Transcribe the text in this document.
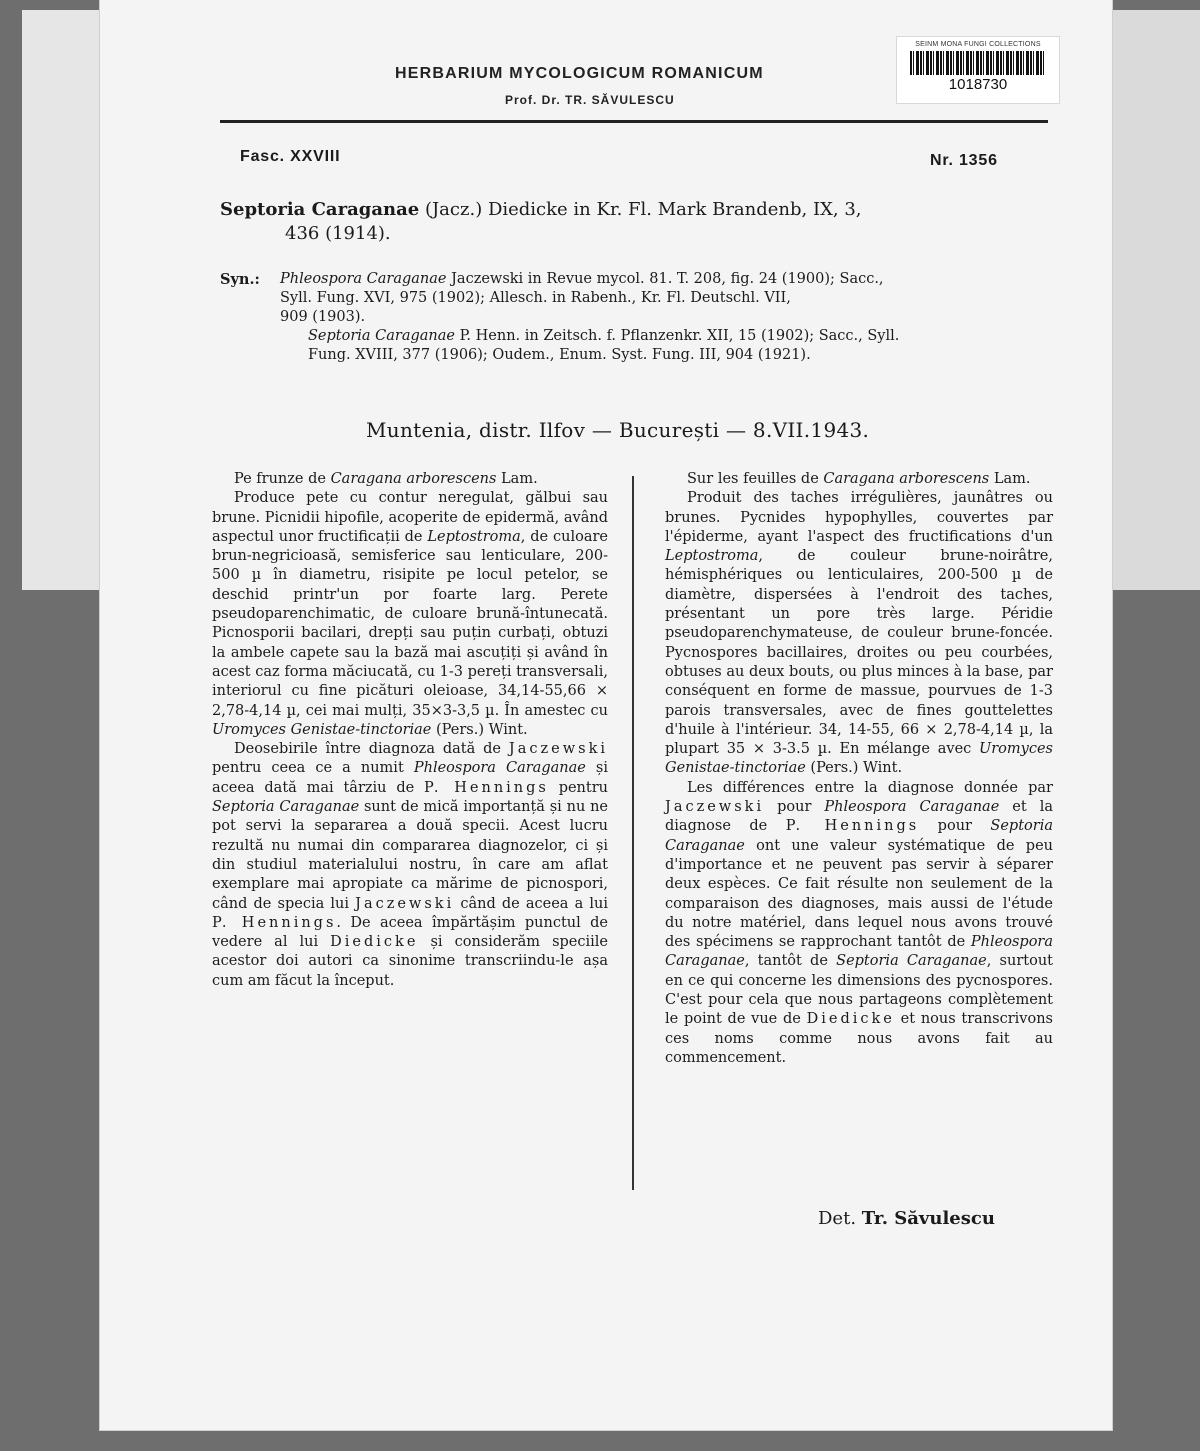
SEINM MONA FUNGI COLLECTIONS
1018730
HERBARIUM MYCOLOGICUM ROMANICUM
Prof. Dr. TR. SĂVULESCU
Fasc. XXVIII	Nr. 1356
Septoria Caraganae (Jacz.) Diedicke in Kr. Fl. Mark Brandenb, IX, 3,
436 (1914).
Syn.: Phleospora Caraganae Jaczewski in Revue mycol. 81. T. 208, fig. 24 (1900); Sacc.,
Syll. Fung. XVI, 975 (1902); Allesch. in Rabenh., Kr. Fl. Deutschl. VII,
909 (1903).
Septoria Caraganae P. Henn. in Zeitsch. f. Pflanzenkr. XII, 15 (1902); Sacc., Syll.
Fung. XVIII, 377 (1906); Oudem., Enum. Syst. Fung. III, 904 (1921).
Muntenia, distr. Ilfov — București — 8.VII.1943.

Pe frunze de Caragana arborescens Lam.

Produce pete cu contur neregulat, gălbui sau brune. Picnidii hipofile, acoperite de epidermă, având aspectul unor fructificații de Leptostroma, de culoare brun-negricioasă, semisferice sau lenticulare, 200-500 µ în diametru, risipite pe locul petelor, se deschid printr'un por foarte larg. Perete pseudoparenchimatic, de culoare brună-întunecată. Picnosporii bacilari, drepți sau puțin curbați, obtuzi la ambele capete sau la bază mai ascuțiți și având în acest caz forma măciucată, cu 1-3 pereți transversali, interiorul cu fine picături oleioase, 34,14-55,66 × 2,78-4,14 µ, cei mai mulți, 35×3-3,5 µ. În amestec cu Uromyces Genistae-tinctoriae (Pers.) Wint.

Deosebirile între diagnoza dată de Jaczewski pentru ceea ce a numit Phleospora Caraganae și aceea dată mai târziu de P. Hennings pentru Septoria Caraganae sunt de mică importanță și nu ne pot servi la separarea a două specii. Acest lucru rezultă nu numai din compararea diagnozelor, ci și din studiul materialului nostru, în care am aflat exemplare mai apropiate ca mărime de picnospori, când de specia lui Jaczewski când de aceea a lui P. Hennings. De aceea împărtășim punctul de vedere al lui Diedicke și considerăm speciile acestor doi autori ca sinonime transcriindu-le așa cum am făcut la început.

Sur les feuilles de Caragana arborescens Lam.

Produit des taches irrégulières, jaunâtres ou brunes. Pycnides hypophylles, couvertes par l'épiderme, ayant l'aspect des fructifications d'un Leptostroma, de couleur brune-noirâtre, hémisphériques ou lenticulaires, 200-500 µ de diamètre, dispersées à l'endroit des taches, présentant un pore très large. Péridie pseudoparenchymateuse, de couleur brune-foncée. Pycnospores bacillaires, droites ou peu courbées, obtuses au deux bouts, ou plus minces à la base, par conséquent en forme de massue, pourvues de 1-3 parois transversales, avec de fines gouttelettes d'huile à l'intérieur. 34, 14-55, 66 × 2,78-4,14 µ, la plupart 35 × 3-3.5 µ. En mélange avec Uromyces Genistae-tinctoriae (Pers.) Wint.

Les différences entre la diagnose donnée par Jaczewski pour Phleospora Caraganae et la diagnose de P. Hennings pour Septoria Caraganae ont une valeur systématique de peu d'importance et ne peuvent pas servir à séparer deux espèces. Ce fait résulte non seulement de la comparaison des diagnoses, mais aussi de l'étude du notre matériel, dans lequel nous avons trouvé des spécimens se rapprochant tantôt de Phleospora Caraganae, tantôt de Septoria Caraganae, surtout en ce qui concerne les dimensions des pycnospores. C'est pour cela que nous partageons complètement le point de vue de Diedicke et nous transcrivons ces noms comme nous avons fait au commencement.

Det. Tr. Săvulescu
